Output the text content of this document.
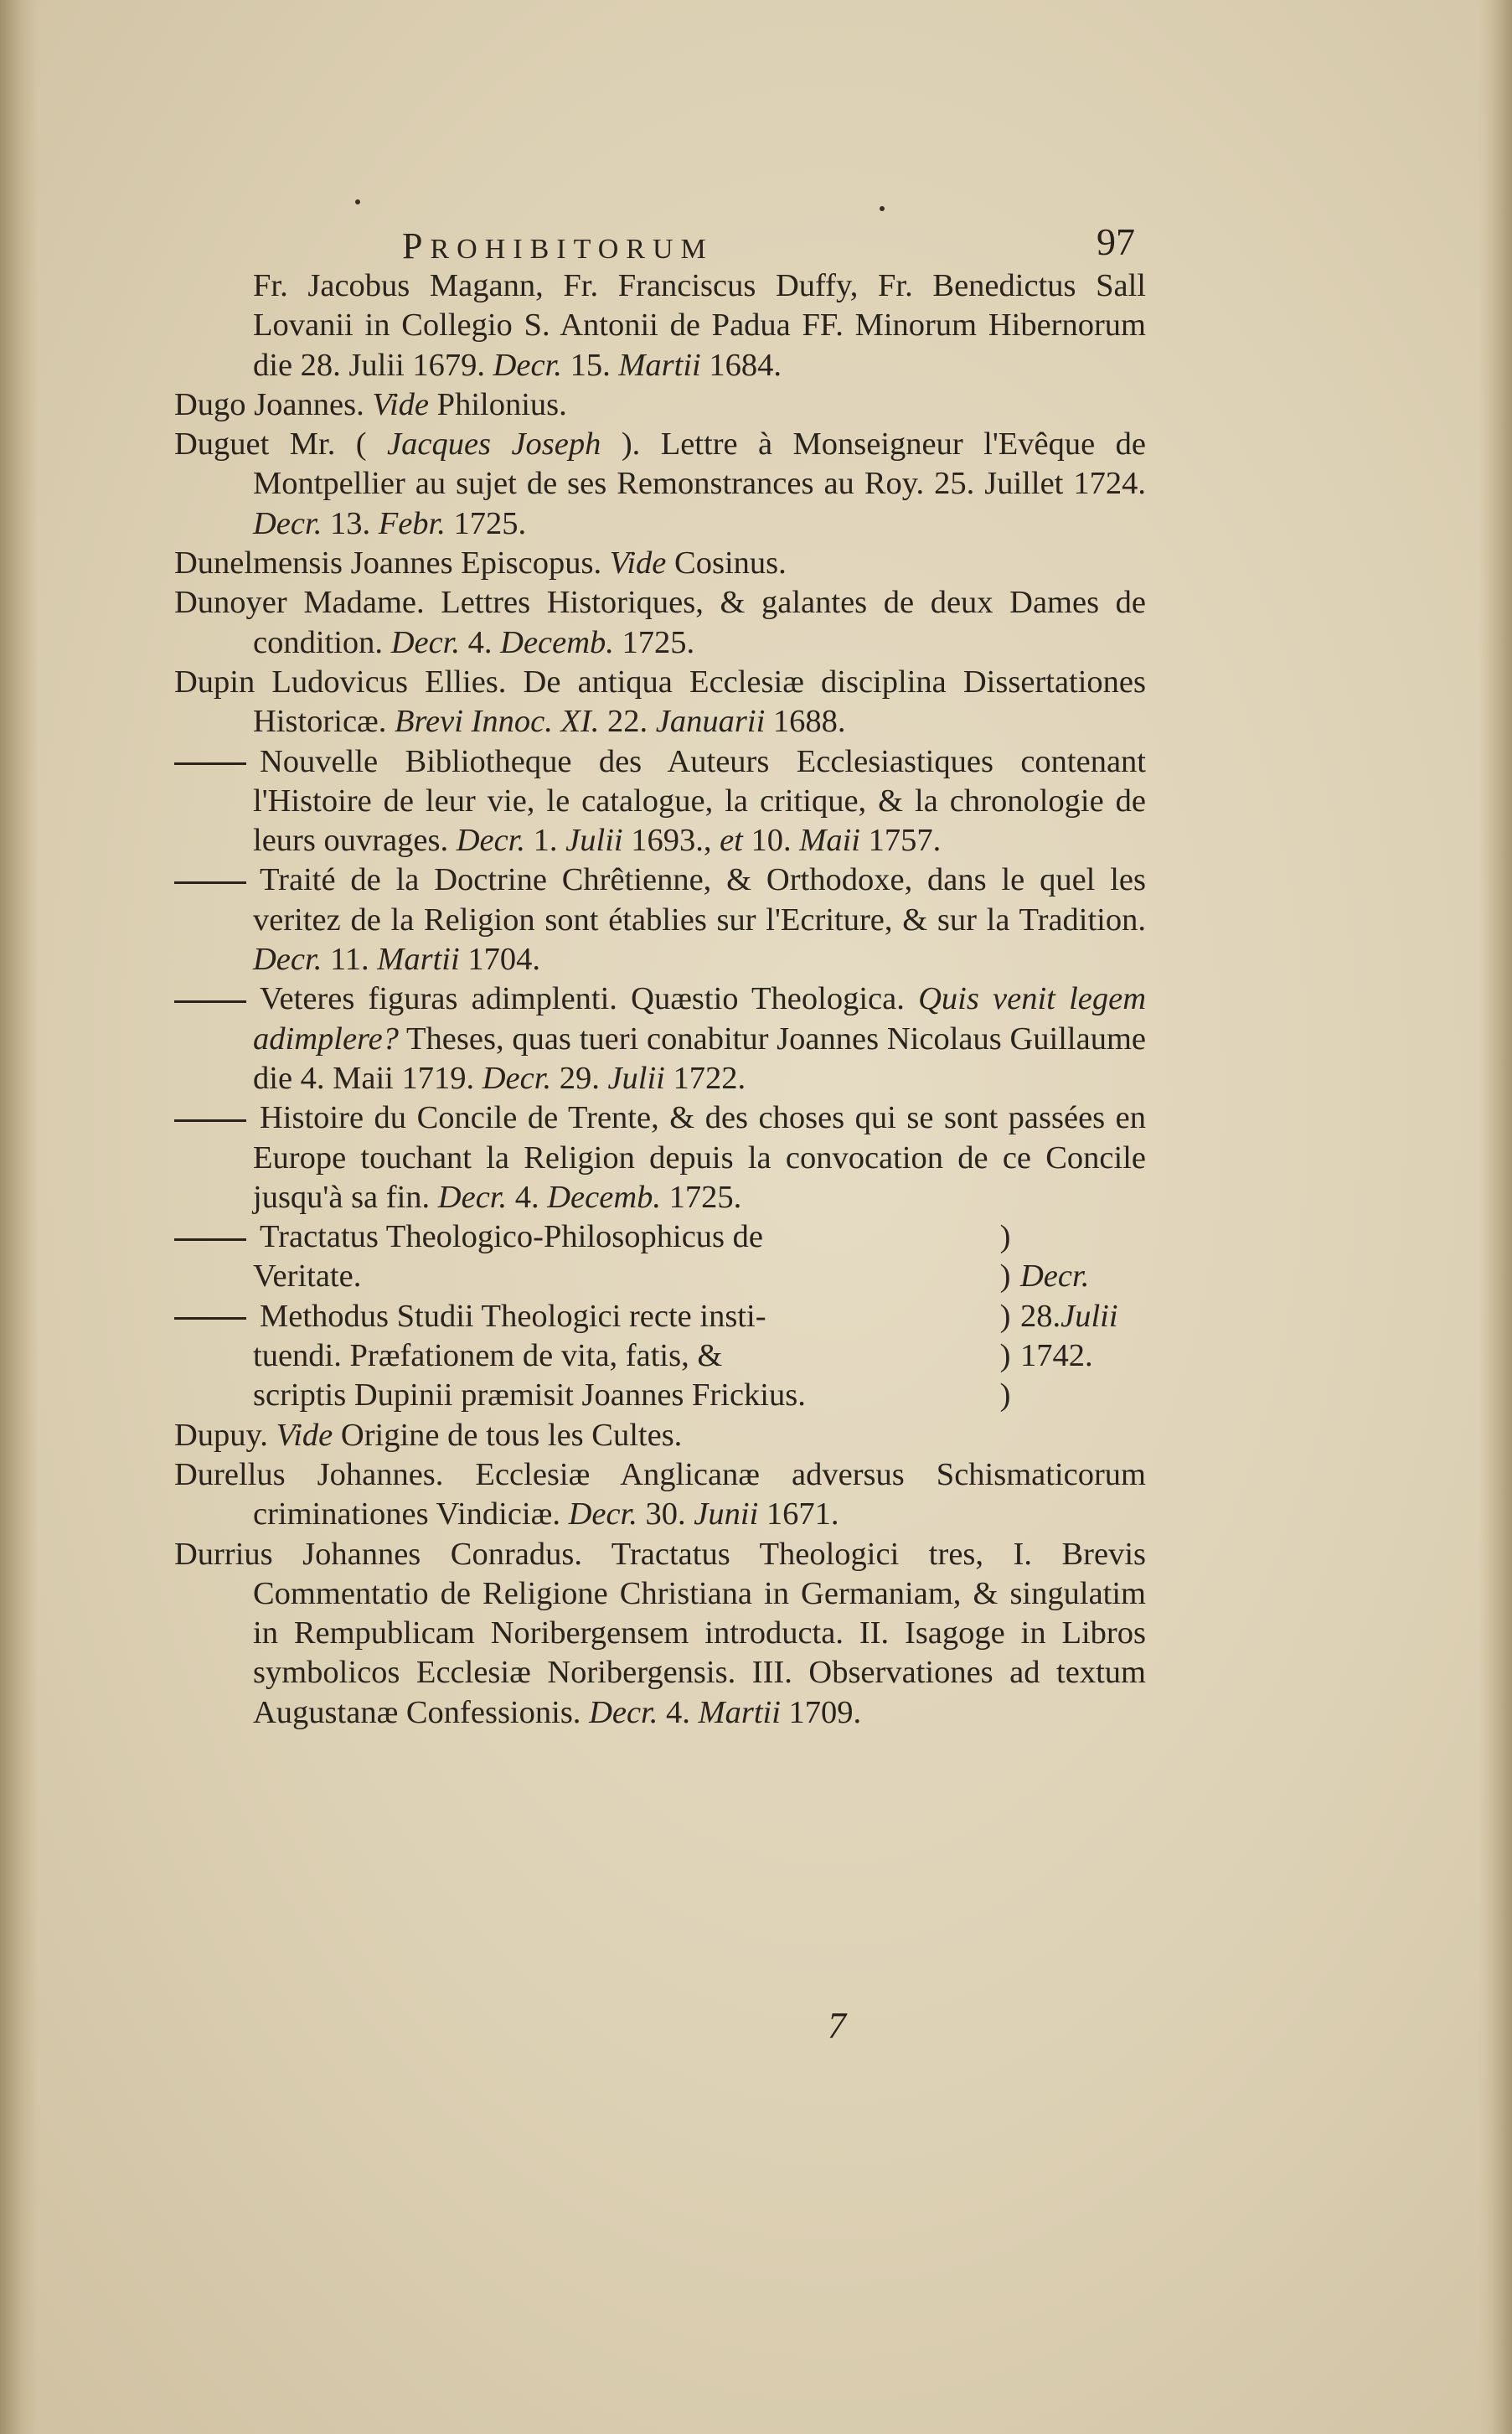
PROHIBITORUM	97
Fr. Jacobus Magann, Fr. Franciscus Duffy, Fr. Benedictus Sall Lovanii in Collegio S. Antonii de Padua FF. Minorum Hibernorum die 28. Julii 1679. Decr. 15. Martii 1684.
Dugo Joannes. Vide Philonius.
Duguet Mr. ( Jacques Joseph ). Lettre à Monseigneur l'Evêque de Montpellier au sujet de ses Remonstrances au Roy. 25. Juillet 1724. Decr. 13. Febr. 1725.
Dunelmensis Joannes Episcopus. Vide Cosinus.
Dunoyer Madame. Lettres Historiques, & galantes de deux Dames de condition. Decr. 4. Decemb. 1725.
Dupin Ludovicus Ellies. De antiqua Ecclesiæ disciplina Dissertationes Historicæ. Brevi Innoc. XI. 22. Januarii 1688.
Nouvelle Bibliotheque des Auteurs Ecclesiastiques contenant l'Histoire de leur vie, le catalogue, la critique, & la chronologie de leurs ouvrages. Decr. 1. Julii 1693., et 10. Maii 1757.
Traité de la Doctrine Chrêtienne, & Orthodoxe, dans le quel les veritez de la Religion sont établies sur l'Ecriture, & sur la Tradition. Decr. 11. Martii 1704.
Veteres figuras adimplenti. Quæstio Theologica. Quis venit legem adimplere? Theses, quas tueri conabitur Joannes Nicolaus Guillaume die 4. Maii 1719. Decr. 29. Julii 1722.
Histoire du Concile de Trente, & des choses qui se sont passées en Europe touchant la Religion depuis la convocation de ce Concile jusqu'à sa fin. Decr. 4. Decemb. 1725.
Tractatus Theologico-Philosophicus de	)
Veritate.	) Decr.
Methodus Studii Theologici recte insti-	) 28.Julii
tuendi. Præfationem de vita, fatis, &	) 1742.
scriptis Dupinii præmisit Joannes Frickius.	)
Dupuy. Vide Origine de tous les Cultes.
Durellus Johannes. Ecclesiæ Anglicanæ adversus Schismaticorum criminationes Vindiciæ. Decr. 30. Junii 1671.
Durrius Johannes Conradus. Tractatus Theologici tres, I. Brevis Commentatio de Religione Christiana in Germaniam, & singulatim in Rempublicam Noribergensem introducta. II. Isagoge in Libros symbolicos Ecclesiæ Noribergensis. III. Observationes ad textum Augustanæ Confessionis. Decr. 4. Martii 1709.
7
